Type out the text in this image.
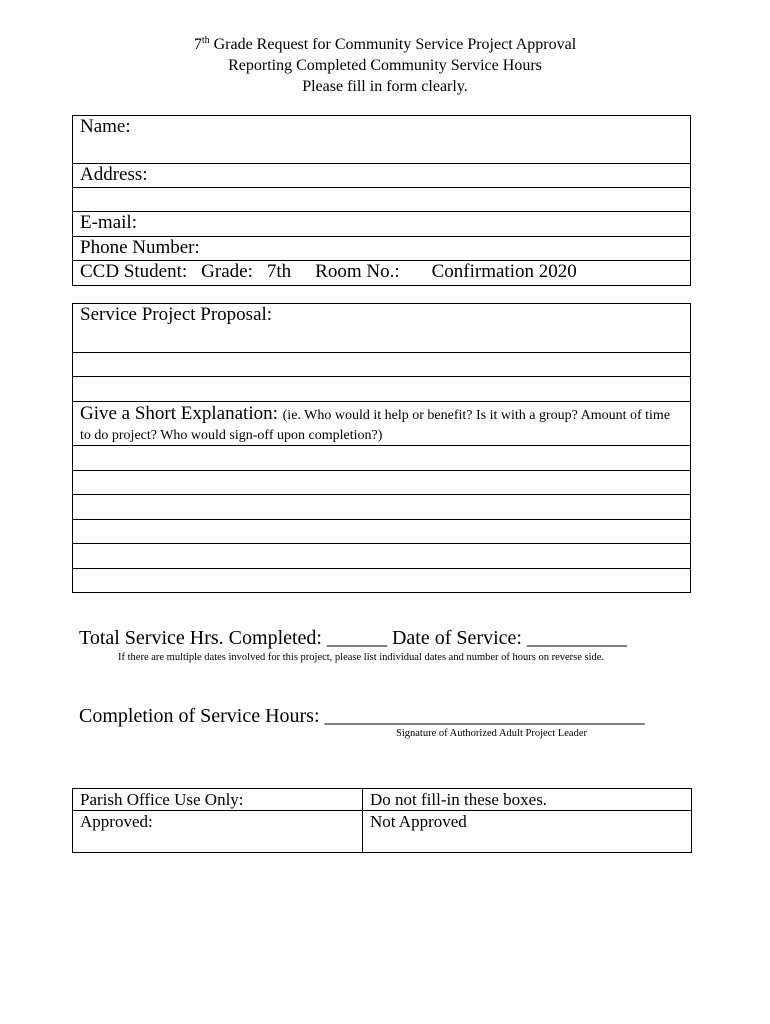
7th Grade Request for Community Service Project Approval
Reporting Completed Community Service Hours
Please fill in form clearly.
Name:
Address:

E-mail:
Phone Number:
CCD Student: Grade: 7th Room No.: Confirmation 2020
Service Project Proposal:

Give a Short Explanation: (ie. Who would it help or benefit? Is it with a group? Amount of time to do project? Who would sign-off upon completion?)

Total Service Hrs. Completed: ______ Date of Service: __________
If there are multiple dates involved for this project, please list individual dates and number of hours on reverse side.
Completion of Service Hours: ________________________________
Signature of Authorized Adult Project Leader
Parish Office Use Only:	Do not fill-in these boxes.
Approved:	Not Approved
